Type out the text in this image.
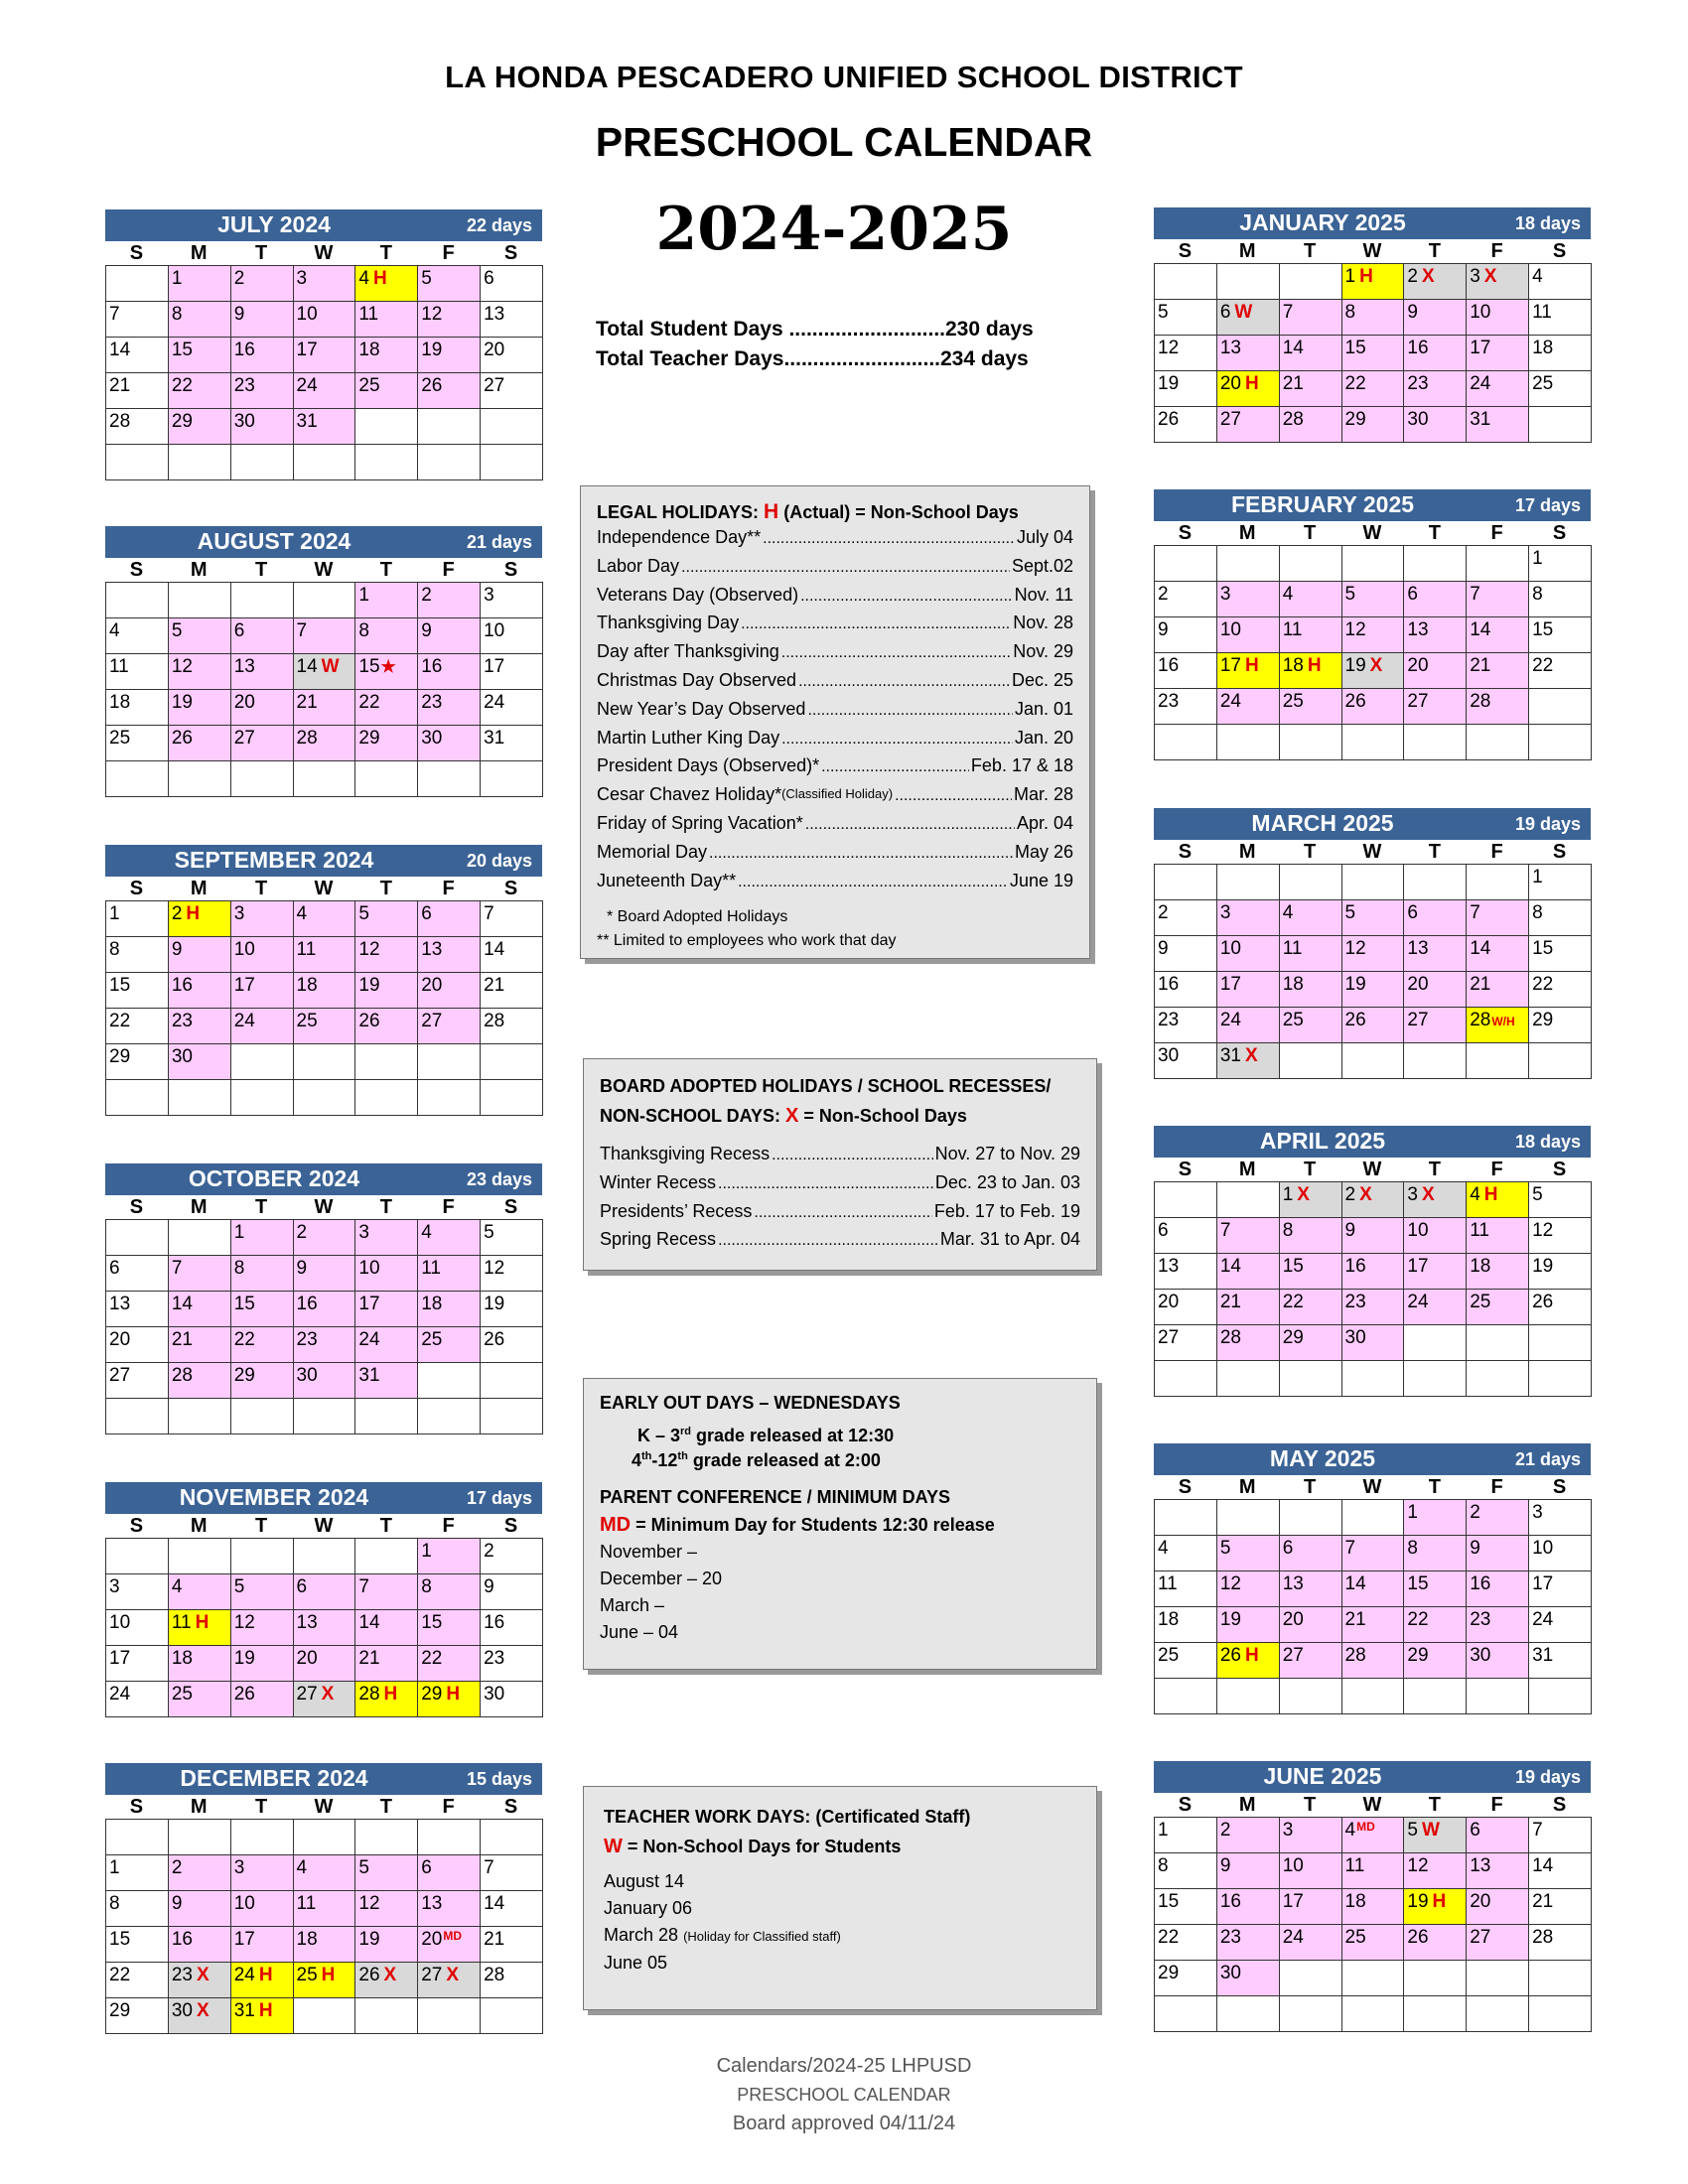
LA HONDA PESCADERO UNIFIED SCHOOL DISTRICT
PRESCHOOL CALENDAR
2024-2025
Total Student Days ...........................230 days
Total Teacher Days...........................234 days
JULY 2024	22 days
S	M	T	W	T	F	S
	1	2	3	4 H	5	6
7	8	9	10	11	12	13
14	15	16	17	18	19	20
21	22	23	24	25	26	27
28	29	30	31			

AUGUST 2024	21 days
S	M	T	W	T	F	S
				1	2	3
4	5	6	7	8	9	10
11	12	13	14 W	15★	16	17
18	19	20	21	22	23	24
25	26	27	28	29	30	31

SEPTEMBER 2024	20 days
S	M	T	W	T	F	S
1	2 H	3	4	5	6	7
8	9	10	11	12	13	14
15	16	17	18	19	20	21
22	23	24	25	26	27	28
29	30					

OCTOBER 2024	23 days
S	M	T	W	T	F	S
		1	2	3	4	5
6	7	8	9	10	11	12
13	14	15	16	17	18	19
20	21	22	23	24	25	26
27	28	29	30	31		

NOVEMBER 2024	17 days
S	M	T	W	T	F	S
					1	2
3	4	5	6	7	8	9
10	11 H	12	13	14	15	16
17	18	19	20	21	22	23
24	25	26	27 X	28 H	29 H	30
DECEMBER 2024	15 days
S	M	T	W	T	F	S

1	2	3	4	5	6	7
8	9	10	11	12	13	14
15	16	17	18	19	$20^{MD}$	21
22	23 X	24 H	25 H	26 X	27 X	28
29	30 X	31 H				
JANUARY 2025	18 days
S	M	T	W	T	F	S
			1 H	2 X	3 X	4
5	6 W	7	8	9	10	11
12	13	14	15	16	17	18
19	20 H	21	22	23	24	25
26	27	28	29	30	31	
FEBRUARY 2025	17 days
S	M	T	W	T	F	S
						1
2	3	4	5	6	7	8
9	10	11	12	13	14	15
16	17 H	18 H	19 X	20	21	22
23	24	25	26	27	28	

MARCH 2025	19 days
S	M	T	W	T	F	S
						1
2	3	4	5	6	7	8
9	10	11	12	13	14	15
16	17	18	19	20	21	22
23	24	25	26	27	28W/H	29
30	31 X					
APRIL 2025	18 days
S	M	T	W	T	F	S
		1 X	2 X	3 X	4 H	5
6	7	8	9	10	11	12
13	14	15	16	17	18	19
20	21	22	23	24	25	26
27	28	29	30			

MAY 2025	21 days
S	M	T	W	T	F	S
				1	2	3
4	5	6	7	8	9	10
11	12	13	14	15	16	17
18	19	20	21	22	23	24
25	26 H	27	28	29	30	31

JUNE 2025	19 days
S	M	T	W	T	F	S
1	2	3	$4^{MD}$	5 W	6	7
8	9	10	11	12	13	14
15	16	17	18	19 H	20	21
22	23	24	25	26	27	28
29	30					

LEGAL HOLIDAYS: H (Actual) = Non-School Days
Independence Day** .....	July 04
Labor Day .....	Sept.02
Veterans Day (Observed) .....	Nov. 11
Thanksgiving Day .....	Nov. 28
Day after Thanksgiving .....	Nov. 29
Christmas Day Observed .....	Dec. 25
New Year’s Day Observed .....	Jan. 01
Martin Luther King Day .....	Jan. 20
President Days (Observed)* .....	Feb. 17 & 18
Cesar Chavez Holiday* (Classified Holiday) .....	Mar. 28
Friday of Spring Vacation* .....	Apr. 04
Memorial Day .....	May 26
Juneteenth Day** .....	June 19
* Board Adopted Holidays
** Limited to employees who work that day
BOARD ADOPTED HOLIDAYS / SCHOOL RECESSES/
NON-SCHOOL DAYS: X = Non-School Days
Thanksgiving Recess .....	Nov. 27 to Nov. 29
Winter Recess .....	Dec. 23 to Jan. 03
Presidents’ Recess .....	Feb. 17 to Feb. 19
Spring Recess .....	Mar. 31 to Apr. 04
EARLY OUT DAYS – WEDNESDAYS
K – 3rd grade released at 12:30
4th-12th grade released at 2:00
PARENT CONFERENCE / MINIMUM DAYS
MD = Minimum Day for Students 12:30 release
November –
December – 20
March –
June – 04
TEACHER WORK DAYS: (Certificated Staff)
W = Non-School Days for Students
August 14
January 06
March 28 (Holiday for Classified staff)
June 05
Calendars/2024-25 LHPUSD
PRESCHOOL CALENDAR
Board approved 04/11/24
